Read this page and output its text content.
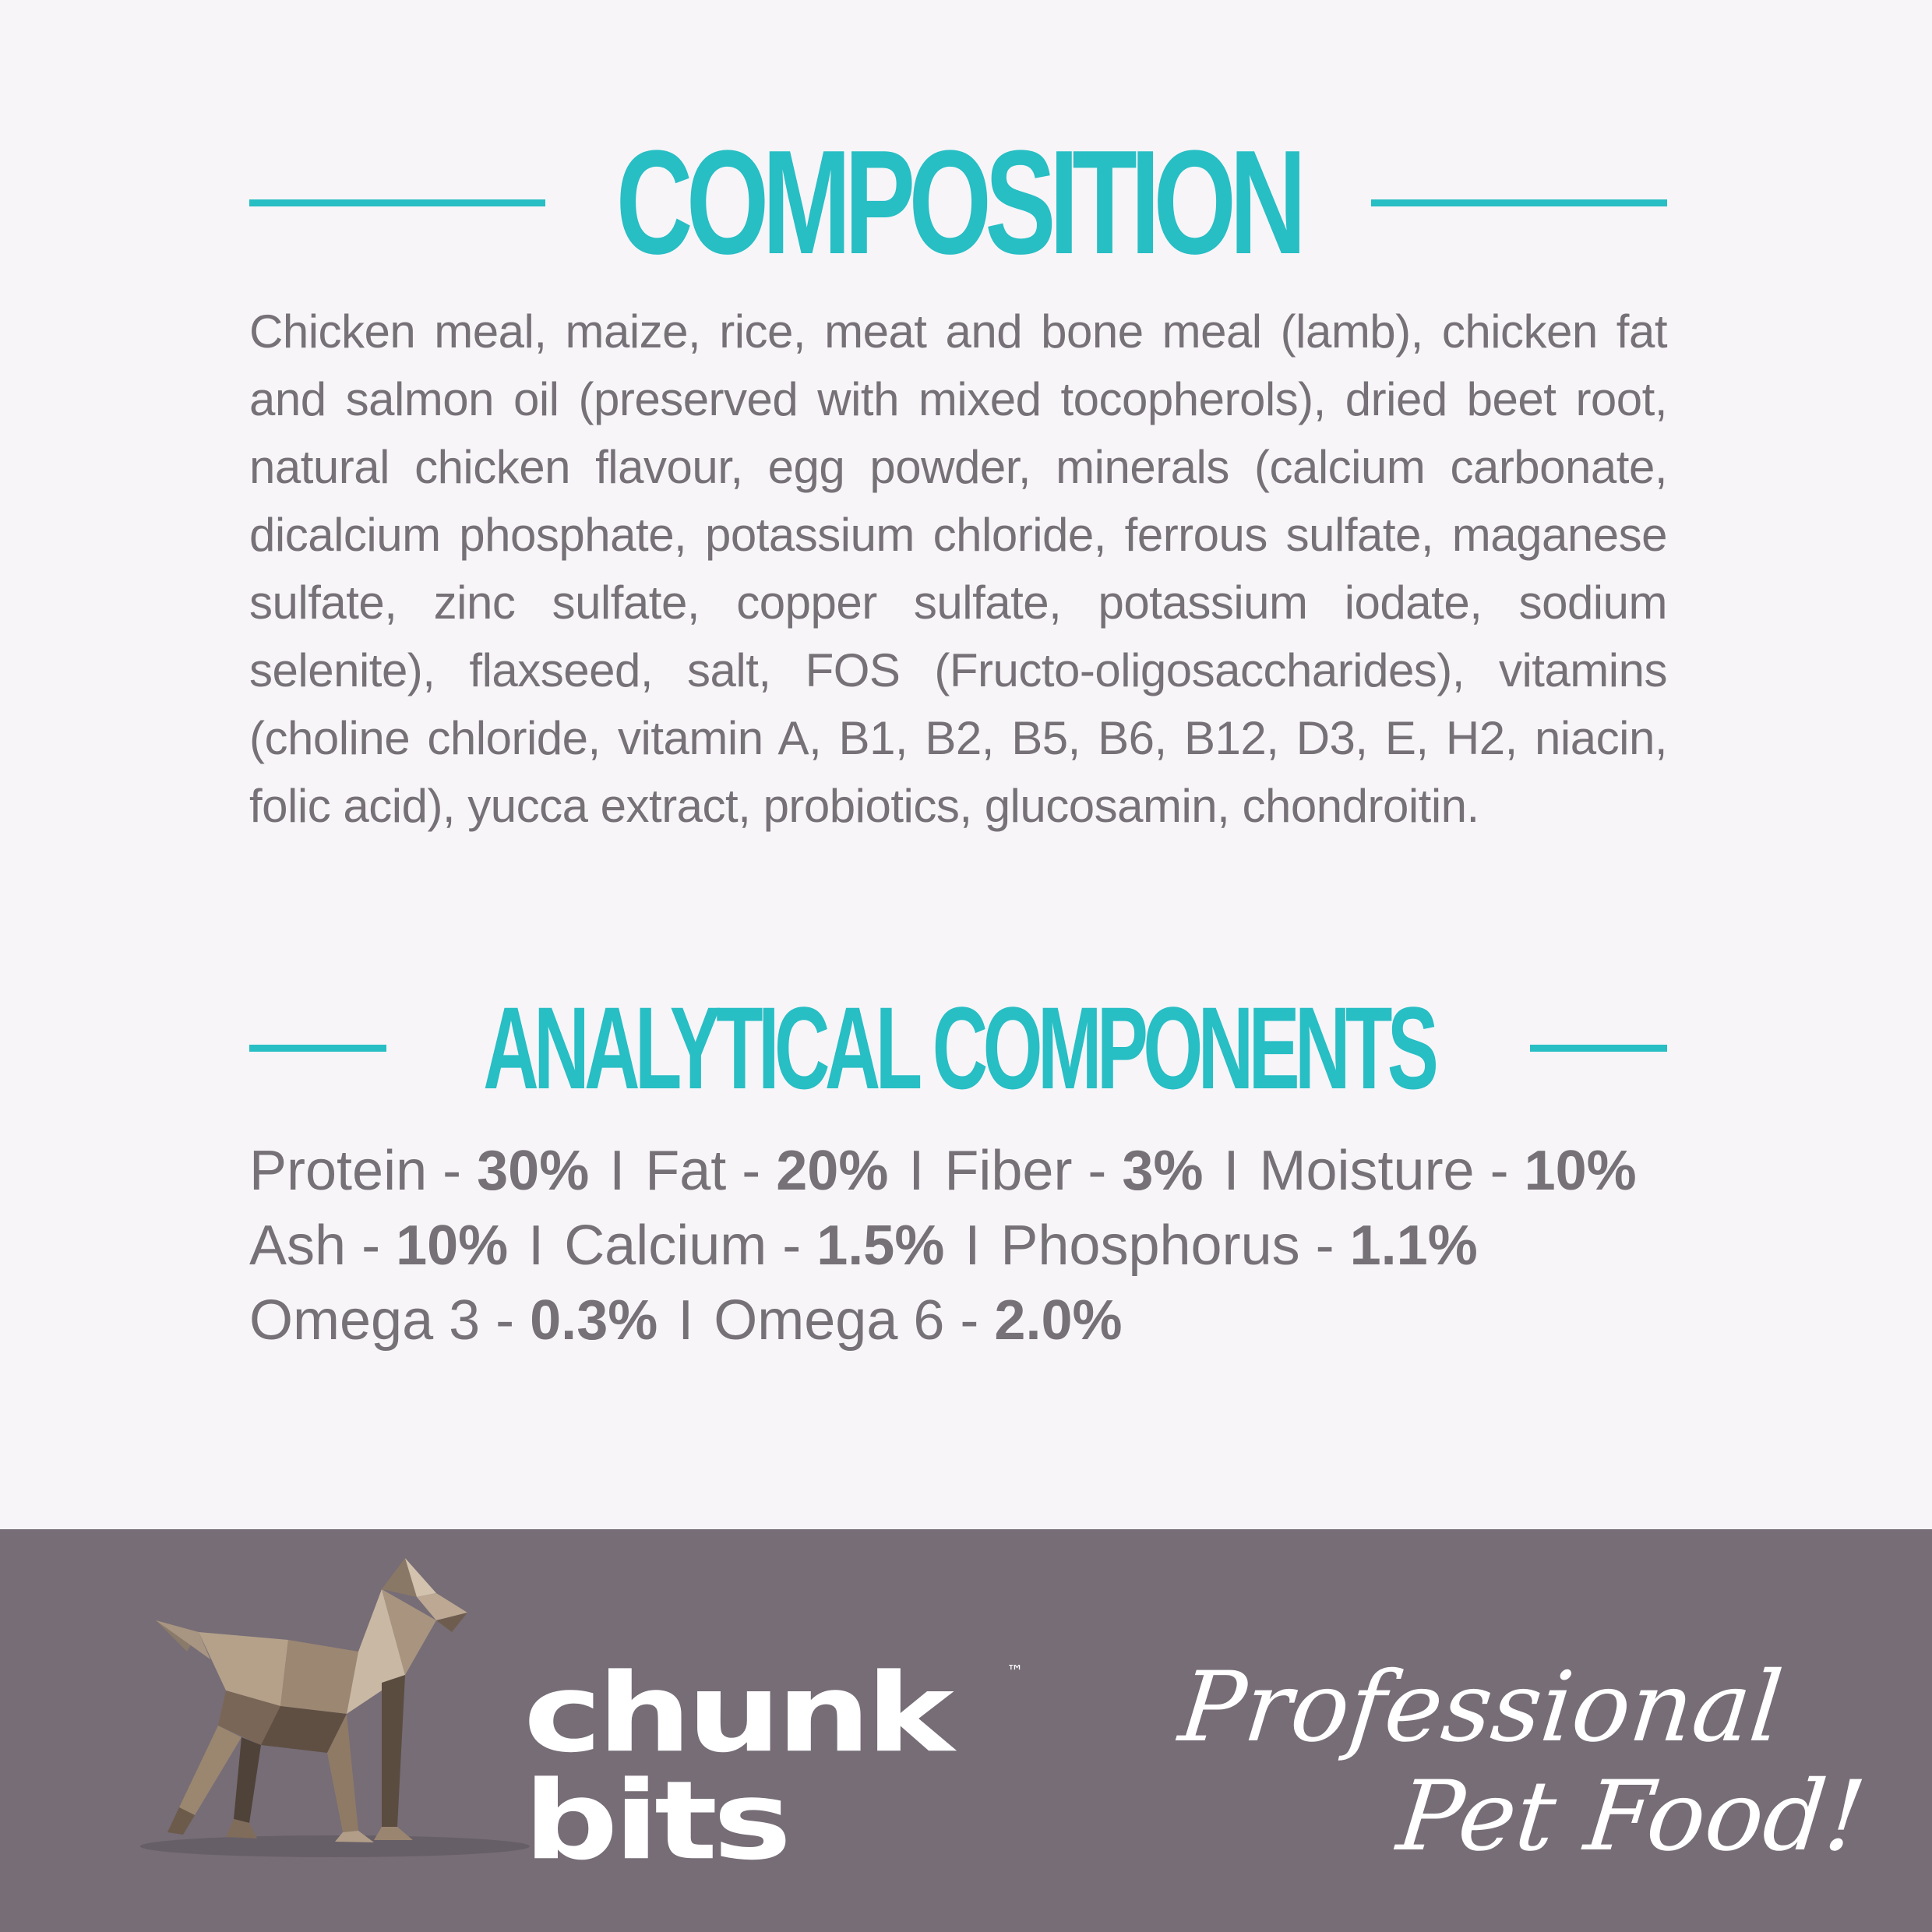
COMPOSITION

Chicken meal, maize, rice, meat and bone meal (lamb), chicken fat and salmon oil (preserved with mixed tocopherols), dried beet root, natural chicken flavour, egg powder, minerals (calcium carbonate, dicalcium phosphate, potassium chloride, ferrous sulfate, maganese sulfate, zinc sulfate, copper sulfate, potassium iodate, sodium selenite), flaxseed, salt, FOS (Fructo-oligosaccharides), vitamins (choline chloride, vitamin A, B1, B2, B5, B6, B12, D3, E, H2, niacin, folic acid), yucca extract, probiotics, glucosamin, chondroitin.

ANALYTICAL COMPONENTS
Protein - 30% I Fat - 20% I Fiber - 3% I Moisture - 10%
Ash - 10% I Calcium - 1.5% I Phosphorus - 1.1%
Omega 3 - 0.3% I Omega 6 - 2.0%
chunk
bits
™ Professional
Pet Food!
